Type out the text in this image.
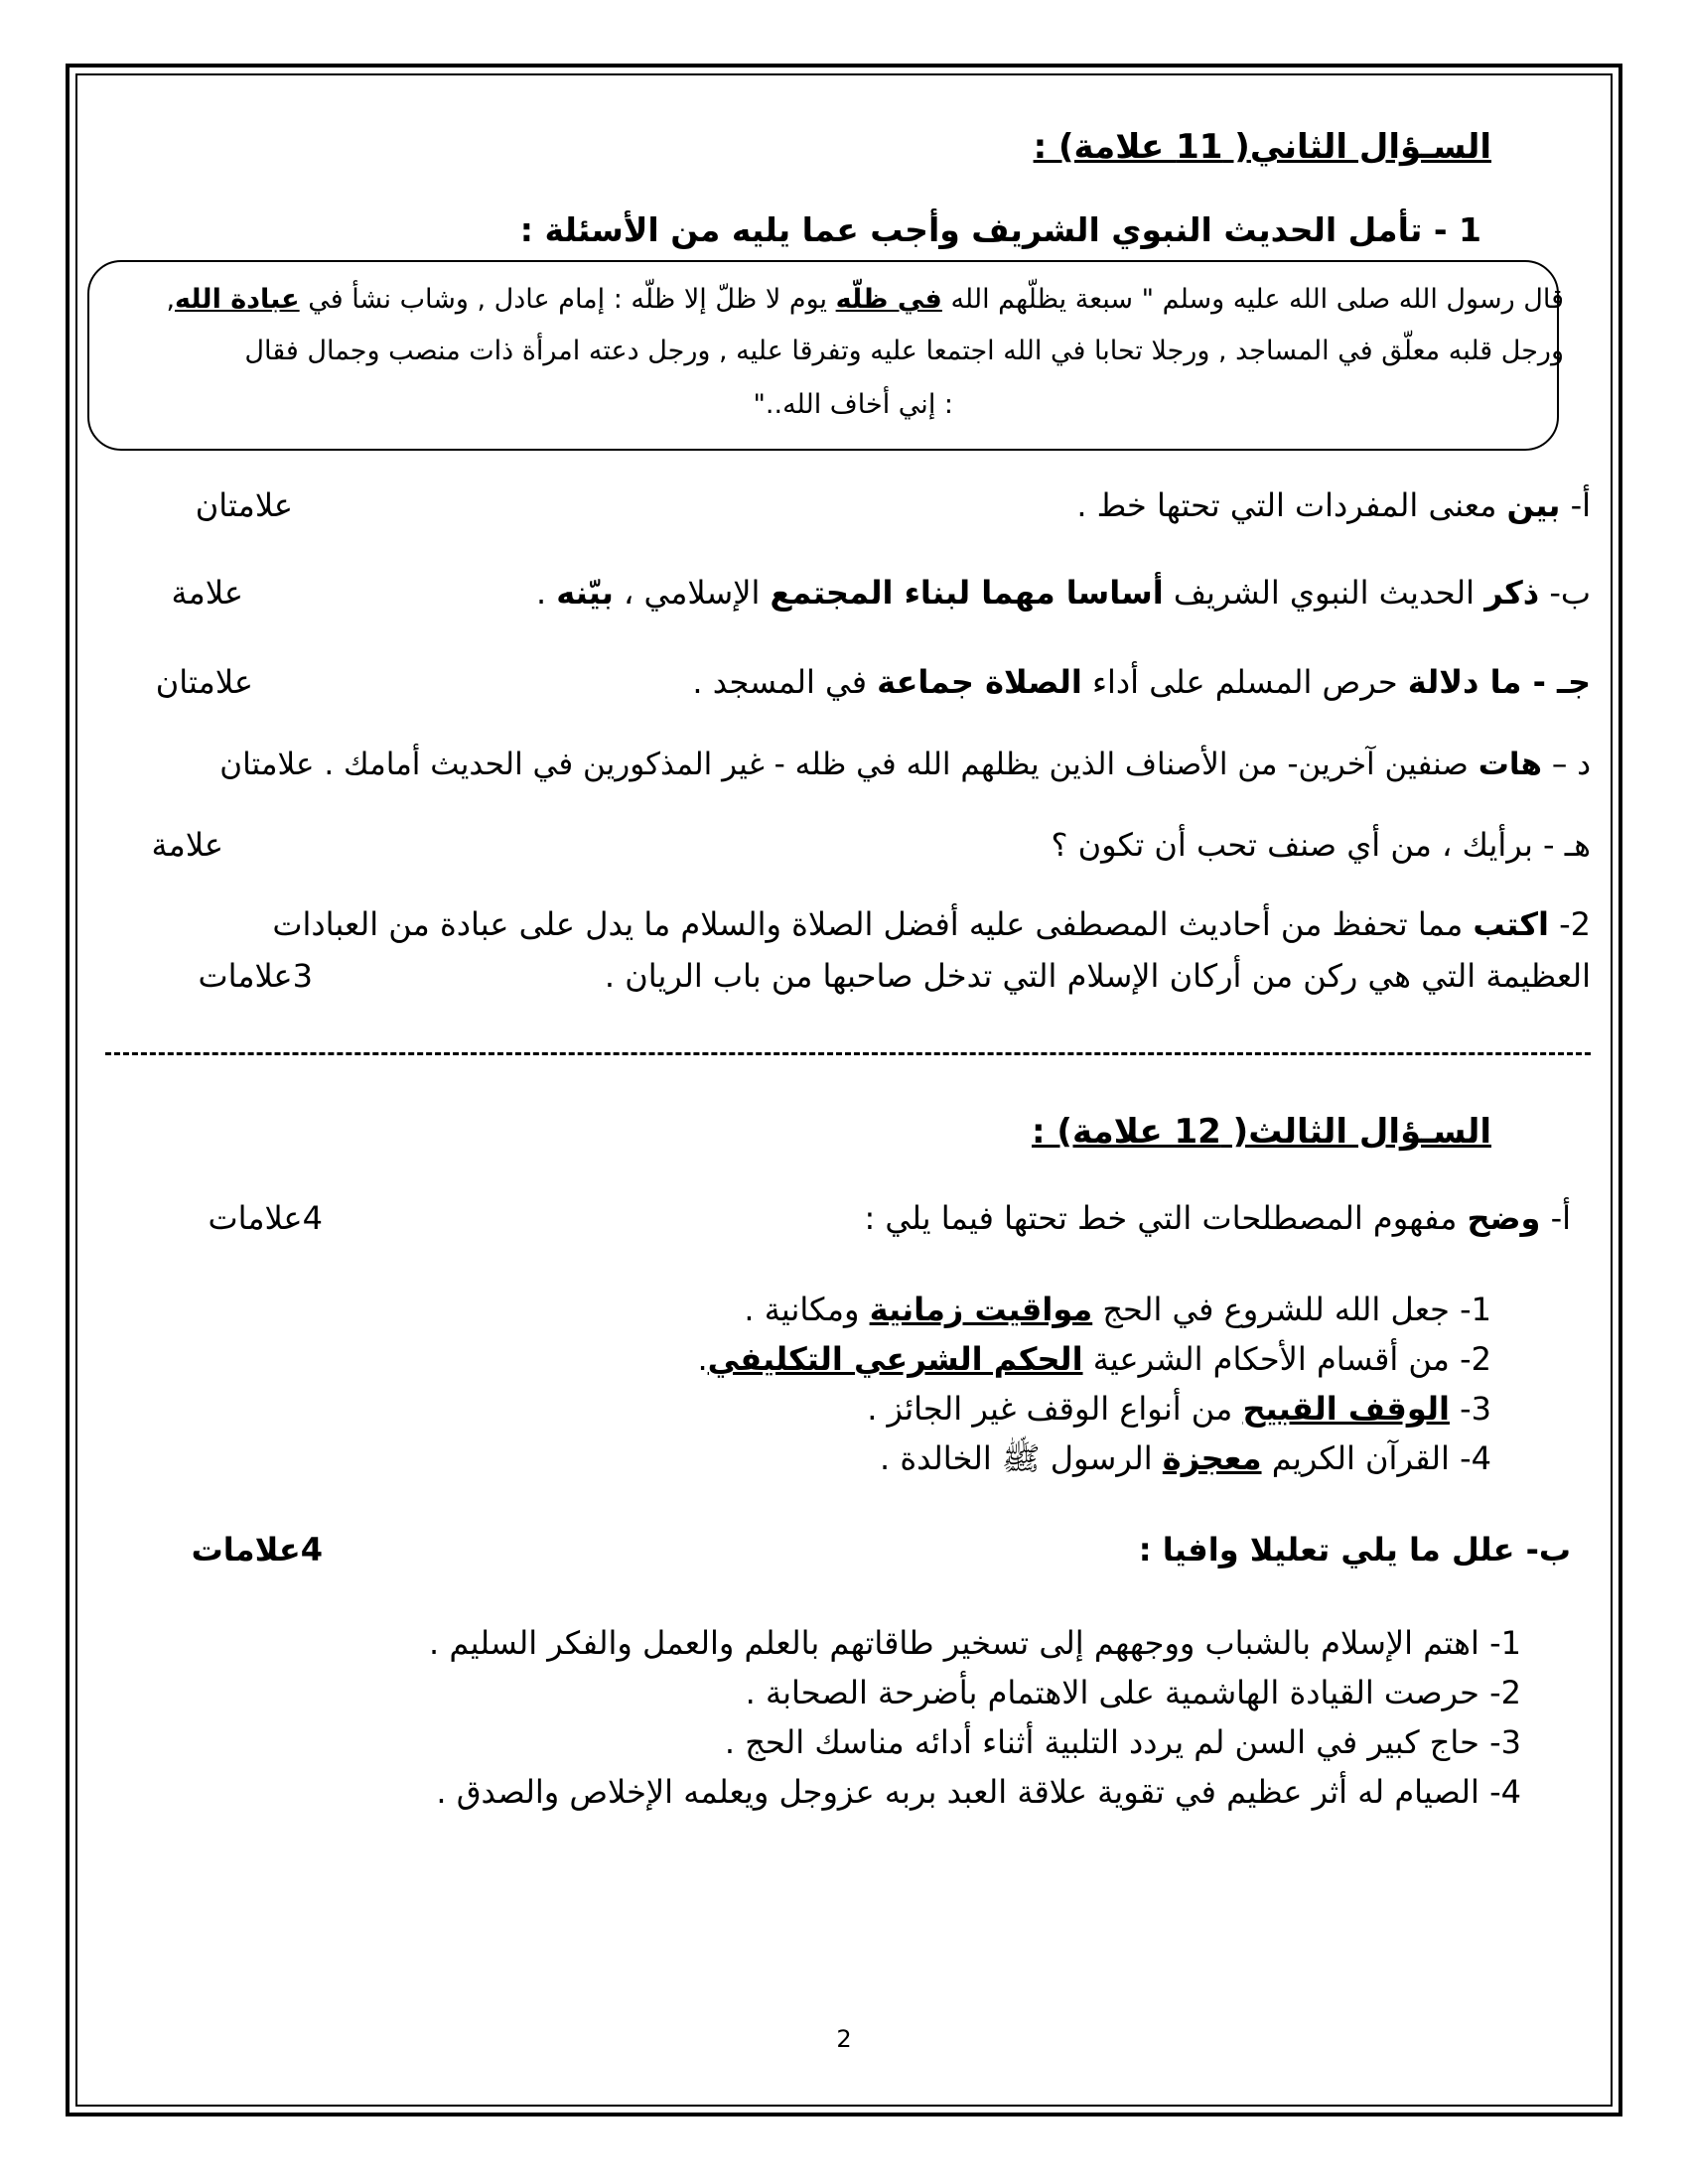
السـؤال الثاني( 11 علامة) :
1 - تأمل الحديث النبوي الشريف وأجب عما يليه من الأسئلة :
قال رسول الله صلى الله عليه وسلم " سبعة يظلّهم الله في ظلّه يوم لا ظلّ إلا ظلّه : إمام عادل , وشاب نشأ في عبادة الله,
ورجل قلبه معلّق في المساجد , ورجلا تحابا في الله اجتمعا عليه وتفرقا عليه , ورجل دعته امرأة ذات منصب وجمال فقال
: إني أخاف الله.."
أ- بين معنى المفردات التي تحتها خط .
علامتان
ب- ذكر الحديث النبوي الشريف أساسا مهما لبناء المجتمع الإسلامي ، بيّنه .
علامة
جـ - ما دلالة حرص المسلم على أداء الصلاة جماعة في المسجد .
علامتان
د – هات صنفين آخرين- من الأصناف الذين يظلهم الله في ظله - غير المذكورين في الحديث أمامك . علامتان
هـ - برأيك ، من أي صنف تحب أن تكون ؟
علامة
2- اكتب مما تحفظ من أحاديث المصطفى عليه أفضل الصلاة والسلام ما يدل على عبادة من العبادات
العظيمة التي هي ركن من أركان الإسلام التي تدخل صاحبها من باب الريان .
3علامات
السـؤال الثالث( 12 علامة) :
أ- وضح مفهوم المصطلحات التي خط تحتها فيما يلي :
4علامات
1- جعل الله للشروع في الحج مواقيت زمانية ومكانية .
2- من أقسام الأحكام الشرعية الحكم الشرعي التكليفي.
3- الوقف القبيح من أنواع الوقف غير الجائز .
4- القرآن الكريم معجزة الرسول ﷺ الخالدة .
ب- علل ما يلي تعليلا وافيا :
4علامات
1- اهتم الإسلام بالشباب ووجههم إلى تسخير طاقاتهم بالعلم والعمل والفكر السليم .
2- حرصت القيادة الهاشمية على الاهتمام بأضرحة الصحابة .
3- حاج كبير في السن لم يردد التلبية أثناء أدائه مناسك الحج .
4- الصيام له أثر عظيم في تقوية علاقة العبد بربه عزوجل ويعلمه الإخلاص والصدق .
2
